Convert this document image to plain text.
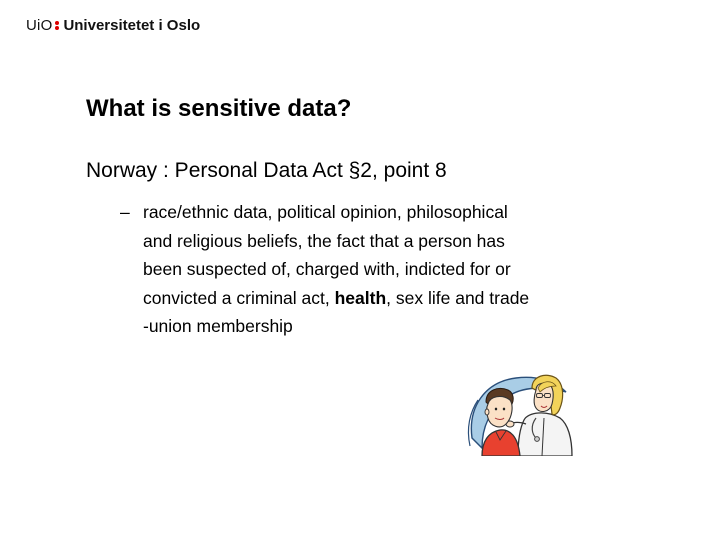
UiO Universitetet i Oslo
What is sensitive data?
Norway : Personal Data Act §2, point 8
– race/ethnic data, political opinion, philosophical
and religious beliefs, the fact that a person has
been suspected of, charged with, indicted for or
convicted a criminal act, health, sex life and trade
-union membership
